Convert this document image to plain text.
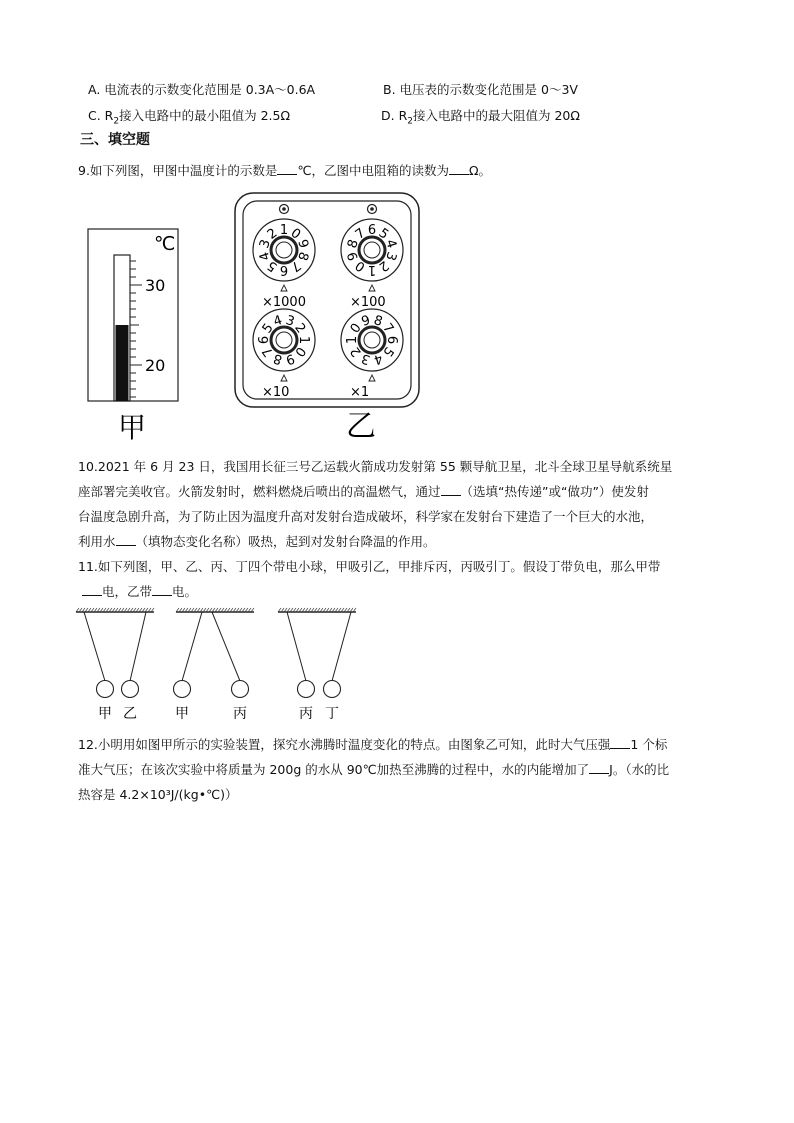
A. 电流表的示数变化范围是 0.3A～0.6A	B. 电压表的示数变化范围是 0～3V
C. $R_2$接入电路中的最小阻值为 2.5Ω	D. $R_2$接入电路中的最大阻值为 20Ω
三、填空题
9.如下列图，甲图中温度计的示数是 ℃，乙图中电阻箱的读数为 Ω。
℃
30
20
甲
1 0
9
8
7
6
5
4
3
2
×1000
1
0
9
8
7 6 5
4
3
2
×100
1
0
9
8
7
6
5
4 3
2
×10
1
0
9 8
7
6
5
4
3
2
×1
乙
10.2021 年 6 月 23 日，我国用长征三号乙运载火箭成功发射第 55 颗导航卫星，北斗全球卫星导航系统星
座部署完美收官。火箭发射时，燃料燃烧后喷出的高温燃气，通过 （选填“热传递”或“做功”）使发射
台温度急剧升高，为了防止因为温度升高对发射台造成破坏，科学家在发射台下建造了一个巨大的水池，
利用水 （填物态变化名称）吸热，起到对发射台降温的作用。
11.如下列图，甲、乙、丙、丁四个带电小球，甲吸引乙，甲排斥丙，丙吸引丁。假设丁带负电，那么甲带
电，乙带 电。
甲 乙	甲	丙	丙 丁
12.小明用如图甲所示的实验装置，探究水沸腾时温度变化的特点。由图象乙可知，此时大气压强 1 个标
准大气压；在该次实验中将质量为 200g 的水从 90℃加热至沸腾的过程中，水的内能增加了 J。（水的比
热容是 4.2×10³J/(kg•℃)）
